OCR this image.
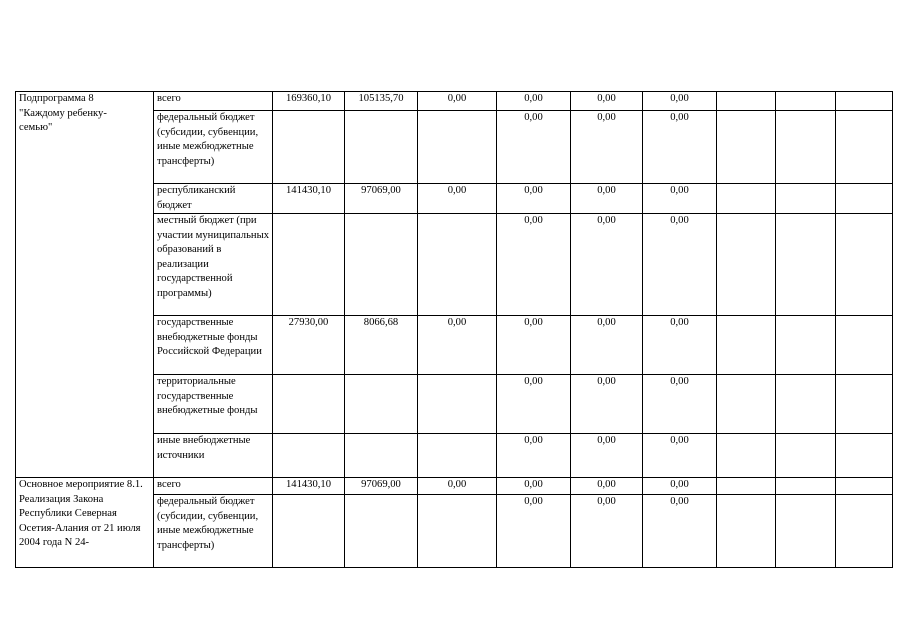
Подпрограмма 8
"Каждому ребенку-
семью"	всего	169360,10	105135,70	0,00	0,00	0,00	0,00			
	федеральный бюджет (субсидии, субвенции, иные межбюджетные трансферты)				0,00	0,00	0,00			
	республиканский бюджет	141430,10	97069,00	0,00	0,00	0,00	0,00			
	местный бюджет (при участии муниципальных образований в реализации государственной программы)				0,00	0,00	0,00			
	государственные внебюджетные фонды Российской Федерации	27930,00	8066,68	0,00	0,00	0,00	0,00			
	территориальные государственные внебюджетные фонды				0,00	0,00	0,00			
	иные внебюджетные источники				0,00	0,00	0,00			
Основное мероприятие 8.1. Реализация Закона Республики Северная Осетия-Алания от 21 июля 2004 года N 24-	всего	141430,10	97069,00	0,00	0,00	0,00	0,00			
	федеральный бюджет (субсидии, субвенции, иные межбюджетные трансферты)				0,00	0,00	0,00			
